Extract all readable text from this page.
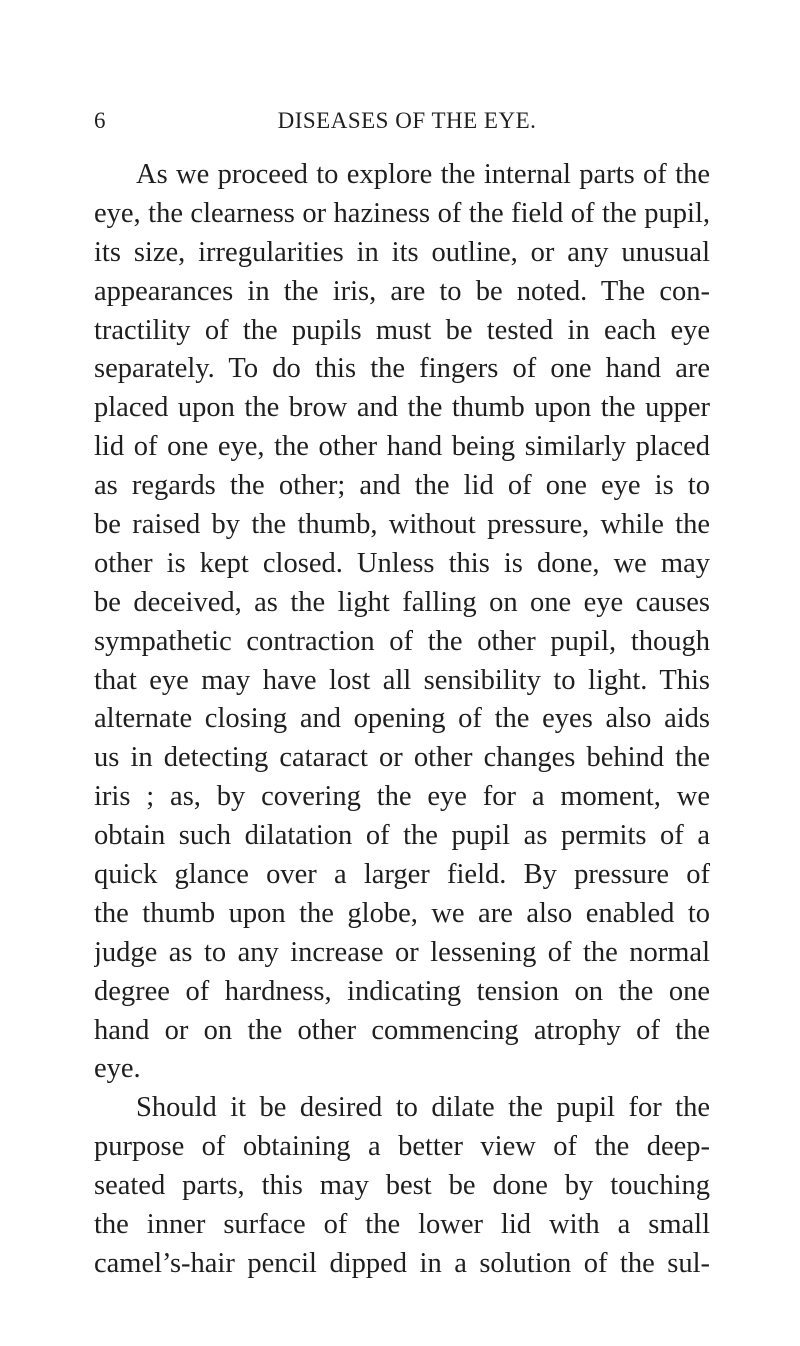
6	DISEASES OF THE EYE.
As we proceed to explore the internal parts of the
eye, the clearness or haziness of the field of the pupil,
its size, irregularities in its outline, or any unusual
appearances in the iris, are to be noted. The con-
tractility of the pupils must be tested in each eye
separately. To do this the fingers of one hand are
placed upon the brow and the thumb upon the upper
lid of one eye, the other hand being similarly placed
as regards the other; and the lid of one eye is to
be raised by the thumb, without pressure, while the
other is kept closed. Unless this is done, we may
be deceived, as the light falling on one eye causes
sympathetic contraction of the other pupil, though
that eye may have lost all sensibility to light. This
alternate closing and opening of the eyes also aids
us in detecting cataract or other changes behind the
iris ; as, by covering the eye for a moment, we
obtain such dilatation of the pupil as permits of a
quick glance over a larger field. By pressure of
the thumb upon the globe, we are also enabled to
judge as to any increase or lessening of the normal
degree of hardness, indicating tension on the one
hand or on the other commencing atrophy of the
eye.
Should it be desired to dilate the pupil for the
purpose of obtaining a better view of the deep-
seated parts, this may best be done by touching
the inner surface of the lower lid with a small
camel’s-hair pencil dipped in a solution of the sul-
